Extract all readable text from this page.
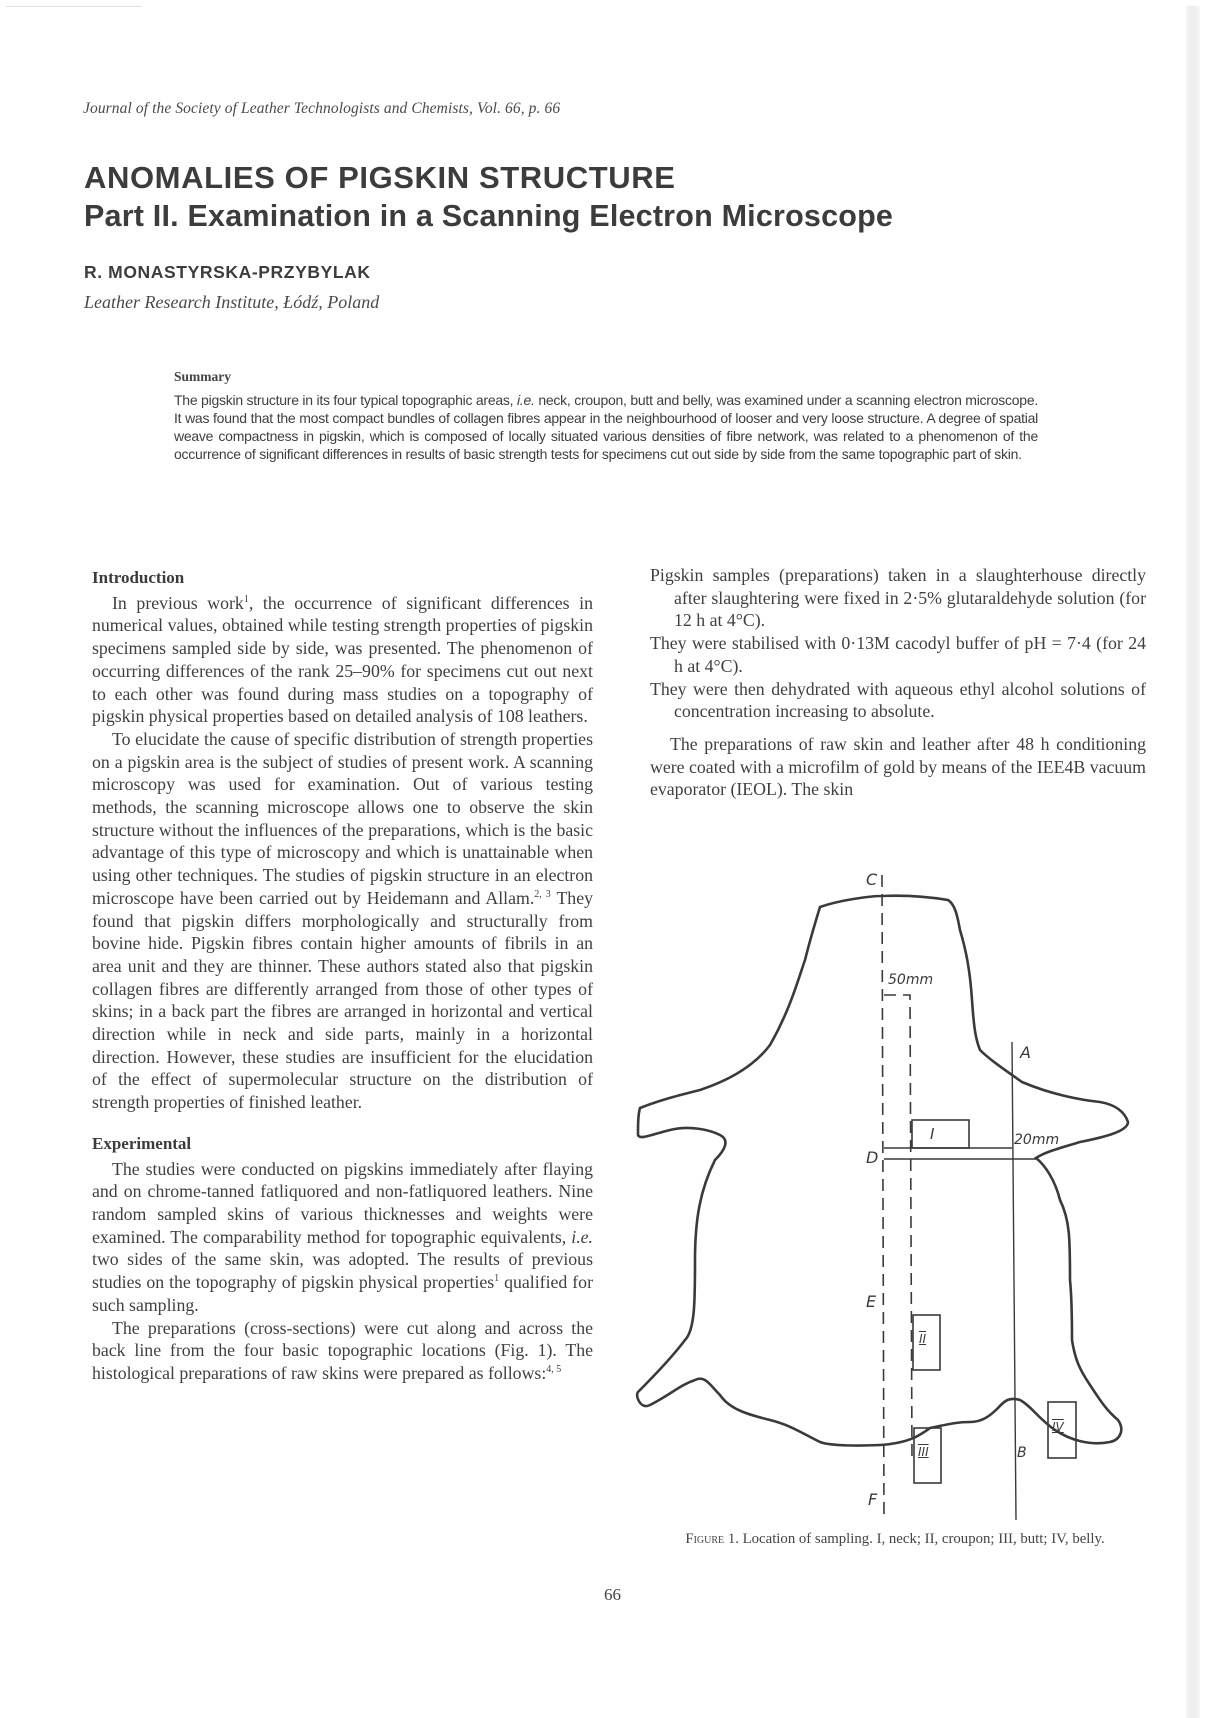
Journal of the Society of Leather Technologists and Chemists, Vol. 66, p. 66
ANOMALIES OF PIGSKIN STRUCTURE
Part II. Examination in a Scanning Electron Microscope
R. MONASTYRSKA-PRZYBYLAK
Leather Research Institute, Łódź, Poland
Summary
The pigskin structure in its four typical topographic areas, i.e. neck, croupon, butt and belly, was examined under a scanning electron microscope. It was found that the most compact bundles of collagen fibres appear in the neighbourhood of looser and very loose structure. A degree of spatial weave compactness in pigskin, which is composed of locally situated various densities of fibre network, was related to a phenomenon of the occurrence of significant differences in results of basic strength tests for specimens cut out side by side from the same topographic part of skin.
Introduction

In previous work$^1$, the occurrence of significant differences in numerical values, obtained while testing strength properties of pigskin specimens sampled side by side, was presented. The phenomenon of occurring differences of the rank 25–90% for specimens cut out next to each other was found during mass studies on a topography of pigskin physical properties based on detailed analysis of 108 leathers.

To elucidate the cause of specific distribution of strength properties on a pigskin area is the subject of studies of present work. A scanning microscopy was used for examination. Out of various testing methods, the scanning microscope allows one to observe the skin structure without the influences of the preparations, which is the basic advantage of this type of microscopy and which is unattainable when using other techniques. The studies of pigskin structure in an electron microscope have been carried out by Heidemann and Allam.$^{2, 3}$ They found that pigskin differs morphologically and structurally from bovine hide. Pigskin fibres contain higher amounts of fibrils in an area unit and they are thinner. These authors stated also that pigskin collagen fibres are differently arranged from those of other types of skins; in a back part the fibres are arranged in horizontal and vertical direction while in neck and side parts, mainly in a horizontal direction. However, these studies are insufficient for the elucidation of the effect of supermolecular structure on the distribution of strength properties of finished leather.

Experimental

The studies were conducted on pigskins immediately after flaying and on chrome-tanned fatliquored and non-fatliquored leathers. Nine random sampled skins of various thicknesses and weights were examined. The comparability method for topographic equivalents, i.e. two sides of the same skin, was adopted. The results of previous studies on the topography of pigskin physical properties$^1$ qualified for such sampling.

The preparations (cross-sections) were cut along and across the back line from the four basic topographic locations (Fig. 1). The histological preparations of raw skins were prepared as follows:$^{4, 5}$

Pigskin samples (preparations) taken in a slaughterhouse directly after slaughtering were fixed in 2·5% glutaraldehyde solution (for 12 h at 4°C).

They were stabilised with 0·13M cacodyl buffer of pH = 7·4 (for 24 h at 4°C).

They were then dehydrated with aqueous ethyl alcohol solutions of concentration increasing to absolute.

The preparations of raw skin and leather after 48 h conditioning were coated with a microfilm of gold by means of the IEE4B vacuum evaporator (IEOL). The skin

C
50mm
A
I	20mm
D
E
II
III
IV
B
F
Figure 1. Location of sampling. I, neck; II, croupon; III, butt; IV, belly.
66
